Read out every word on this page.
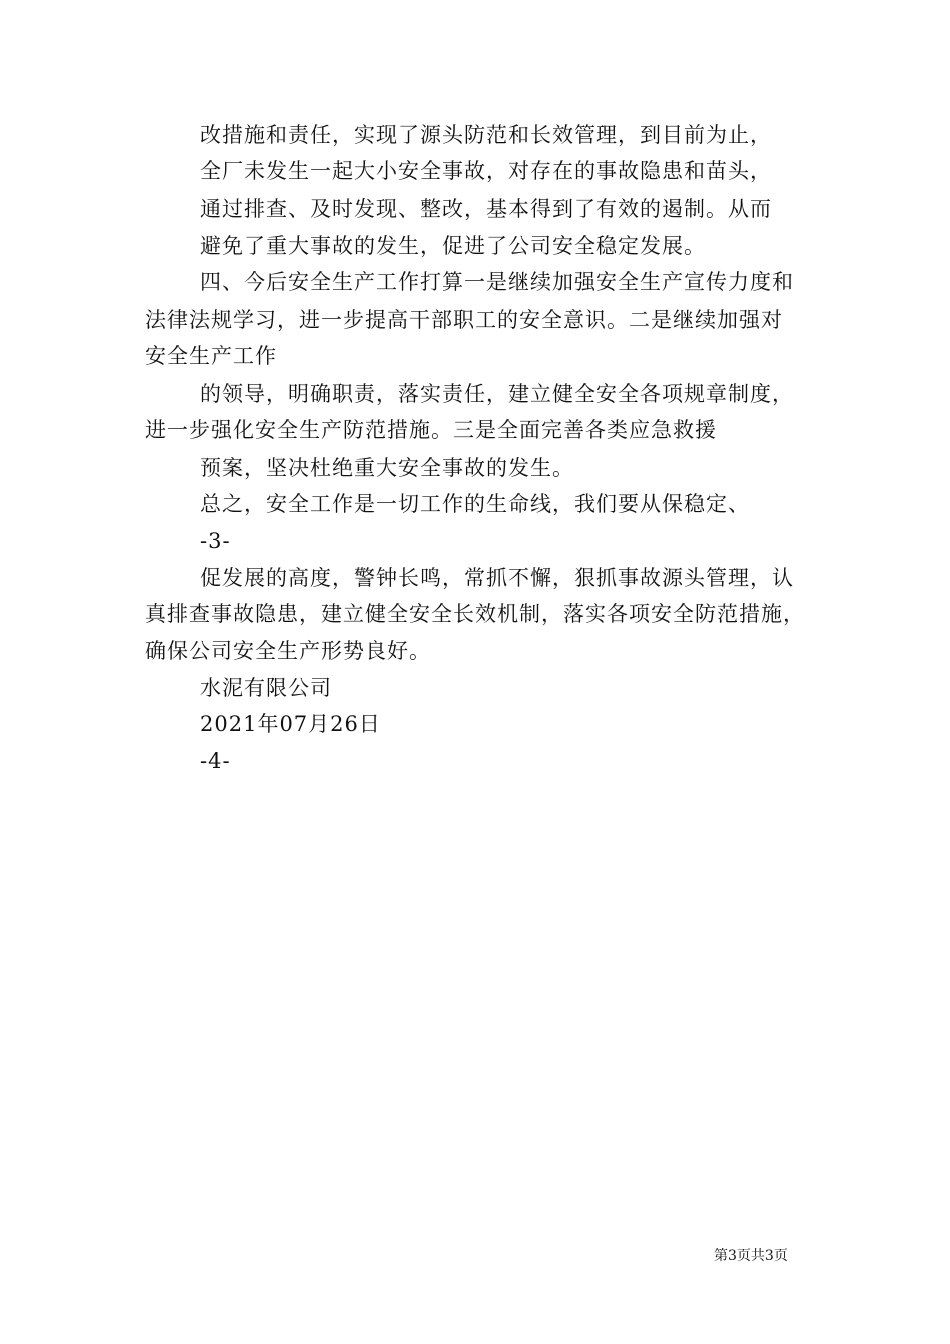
改措施和责任，实现了源头防范和长效管理，到目前为止，
全厂未发生一起大小安全事故，对存在的事故隐患和苗头，
通过排查、及时发现、整改，基本得到了有效的遏制。从而
避免了重大事故的发生，促进了公司安全稳定发展。
四、今后安全生产工作打算一是继续加强安全生产宣传力度和
法律法规学习，进一步提高干部职工的安全意识。二是继续加强对
安全生产工作
的领导，明确职责，落实责任，建立健全安全各项规章制度，
进一步强化安全生产防范措施。三是全面完善各类应急救援
预案，坚决杜绝重大安全事故的发生。
总之，安全工作是一切工作的生命线，我们要从保稳定、
-3-
促发展的高度，警钟长鸣，常抓不懈，狠抓事故源头管理，认
真排查事故隐患，建立健全安全长效机制，落实各项安全防范措施，
确保公司安全生产形势良好。
水泥有限公司
2021年07月26日
-4-
第3页共3页
